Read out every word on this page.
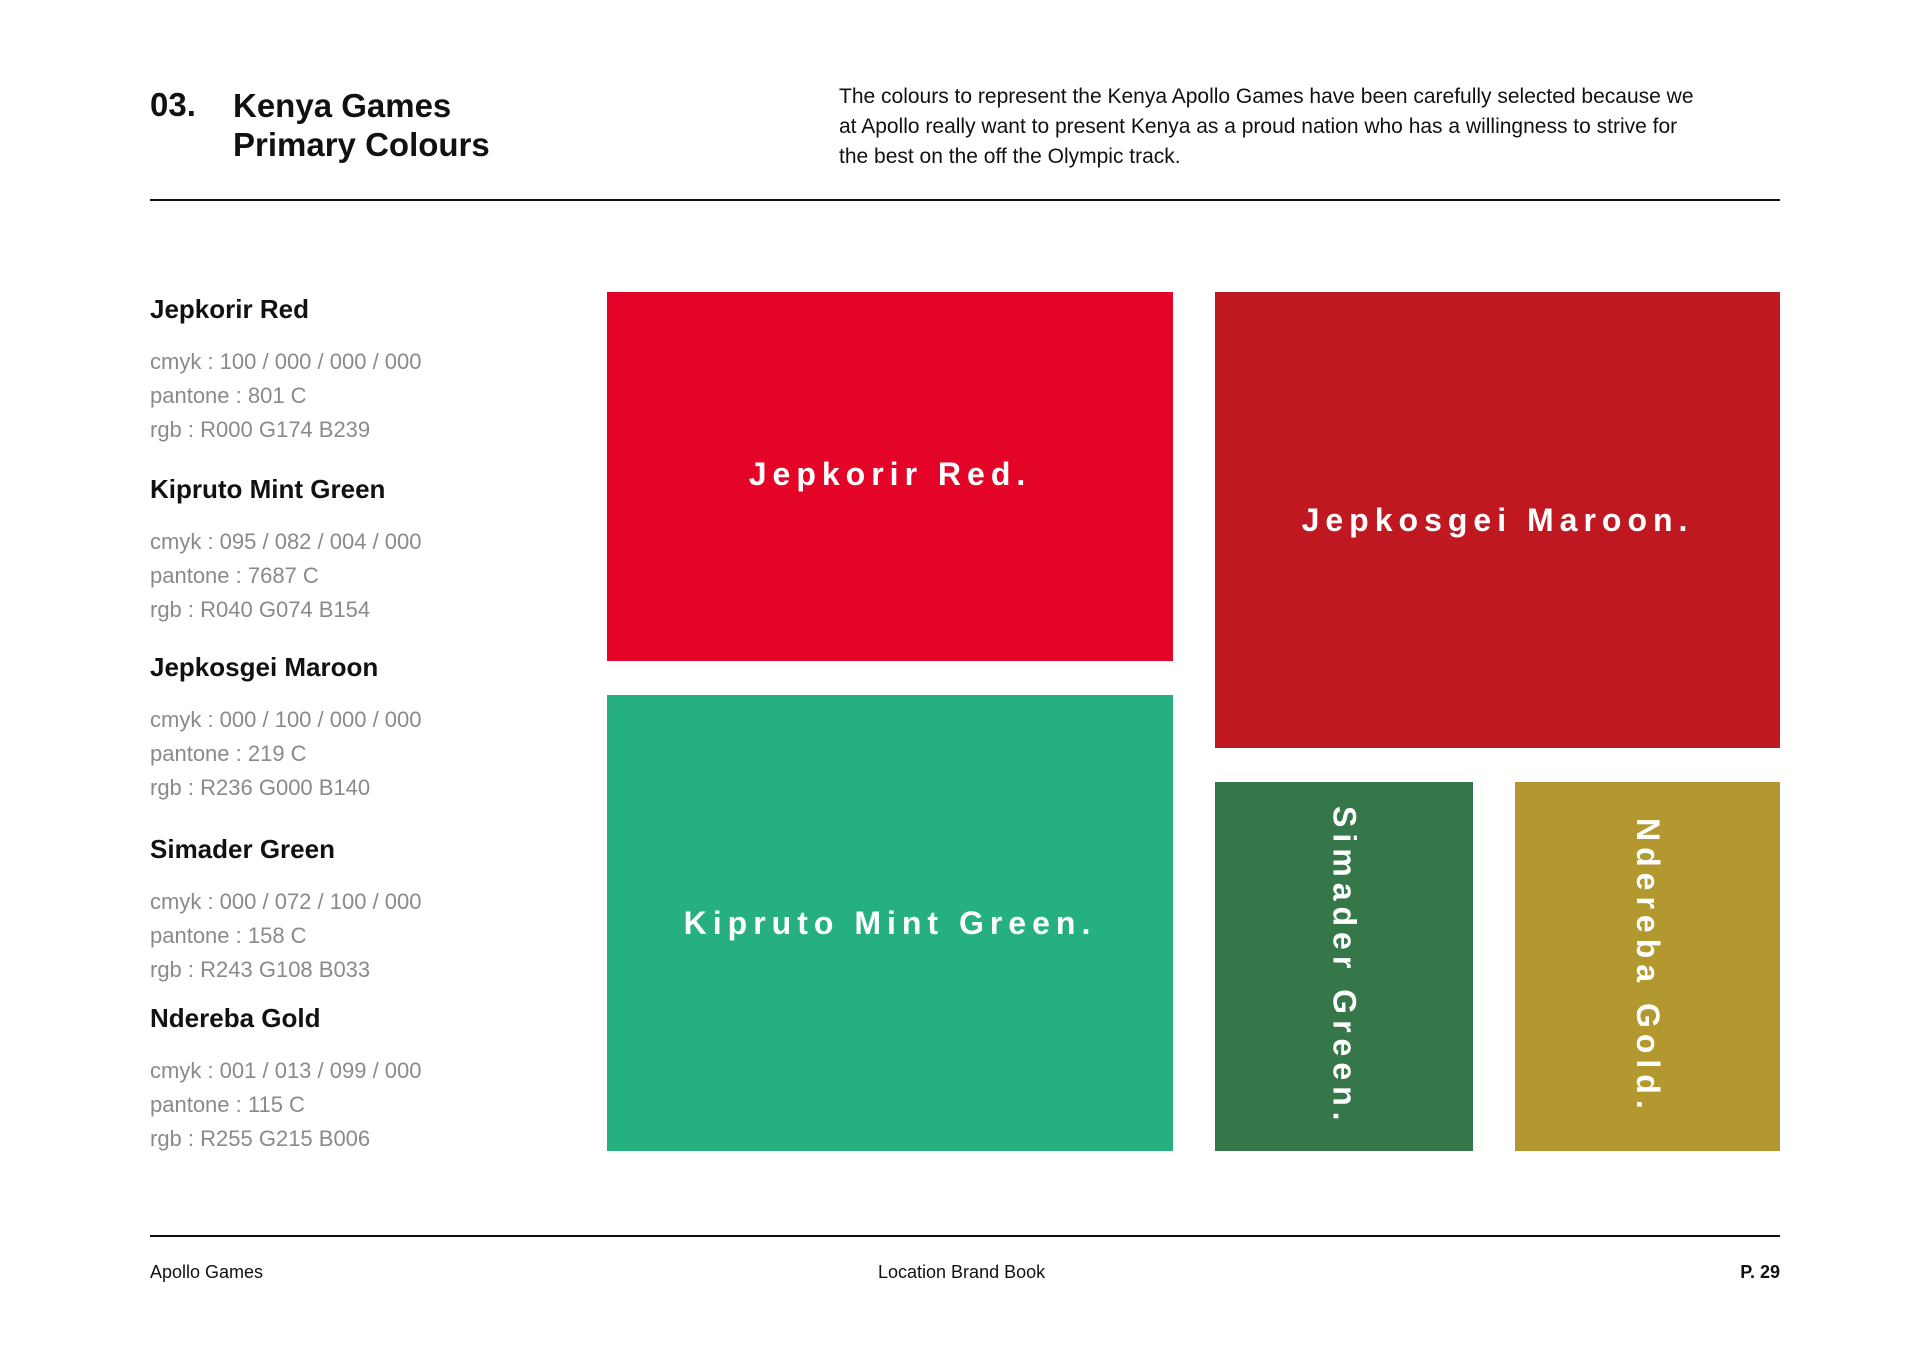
03. Kenya Games
Primary Colours
The colours to represent the Kenya Apollo Games have been carefully selected because we
at Apollo really want to present Kenya as a proud nation who has a willingness to strive for
the best on the off the Olympic track.
Jepkorir Red
cmyk : 100 / 000 / 000 / 000
pantone : 801 C
rgb : R000 G174 B239
Kipruto Mint Green
cmyk : 095 / 082 / 004 / 000
pantone : 7687 C
rgb : R040 G074 B154
Jepkosgei Maroon
cmyk : 000 / 100 / 000 / 000
pantone : 219 C
rgb : R236 G000 B140
Simader Green
cmyk : 000 / 072 / 100 / 000
pantone : 158 C
rgb : R243 G108 B033
Ndereba Gold
cmyk : 001 / 013 / 099 / 000
pantone : 115 C
rgb : R255 G215 B006
Jepkorir Red.
Jepkosgei Maroon.
Kipruto Mint Green.	Simader Green.	Ndereba Gold.
Apollo Games	Location Brand Book	P. 29
